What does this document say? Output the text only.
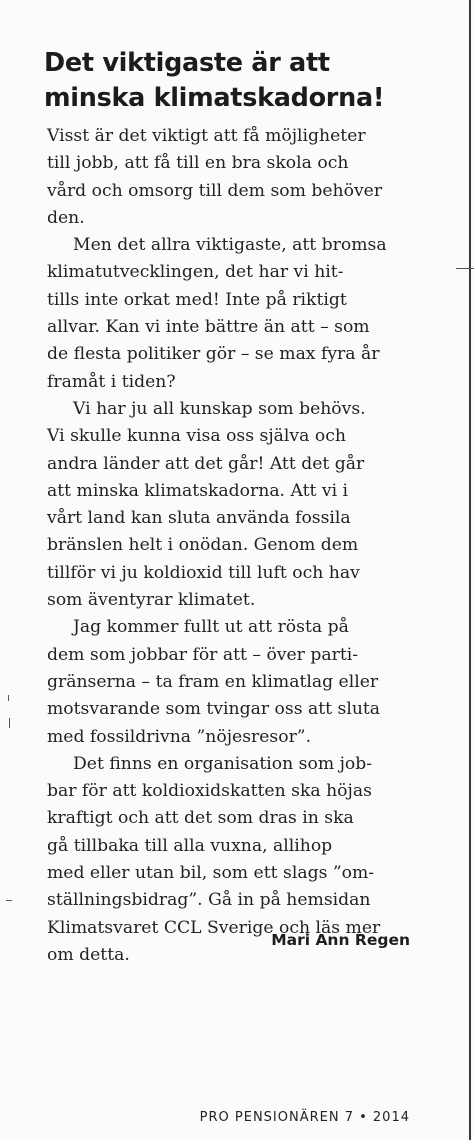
Det viktigaste är att
minska klimatskadorna!
Visst är det viktigt att få möjligheter
till jobb, att få till en bra skola och
vård och omsorg till dem som behöver
den.
Men det allra viktigaste, att bromsa
klimatutvecklingen, det har vi hit-
tills inte orkat med! Inte på riktigt
allvar. Kan vi inte bättre än att – som
de flesta politiker gör – se max fyra år
framåt i tiden?
Vi har ju all kunskap som behövs.
Vi skulle kunna visa oss själva och
andra länder att det går! Att det går
att minska klimatskadorna. Att vi i
vårt land kan sluta använda fossila
bränslen helt i onödan. Genom dem
tillför vi ju koldioxid till luft och hav
som äventyrar klimatet.
Jag kommer fullt ut att rösta på
dem som jobbar för att – över parti-
gränserna – ta fram en klimatlag eller
motsvarande som tvingar oss att sluta
med fossildrivna ”nöjesresor”.
Det finns en organisation som job-
bar för att koldioxidskatten ska höjas
kraftigt och att det som dras in ska
gå tillbaka till alla vuxna, allihop
med eller utan bil, som ett slags ”om-
ställningsbidrag”. Gå in på hemsidan
Klimatsvaret CCL Sverige och läs mer
om detta.
Mari Ann Regen
PRO PENSIONÄREN 7 • 2014
